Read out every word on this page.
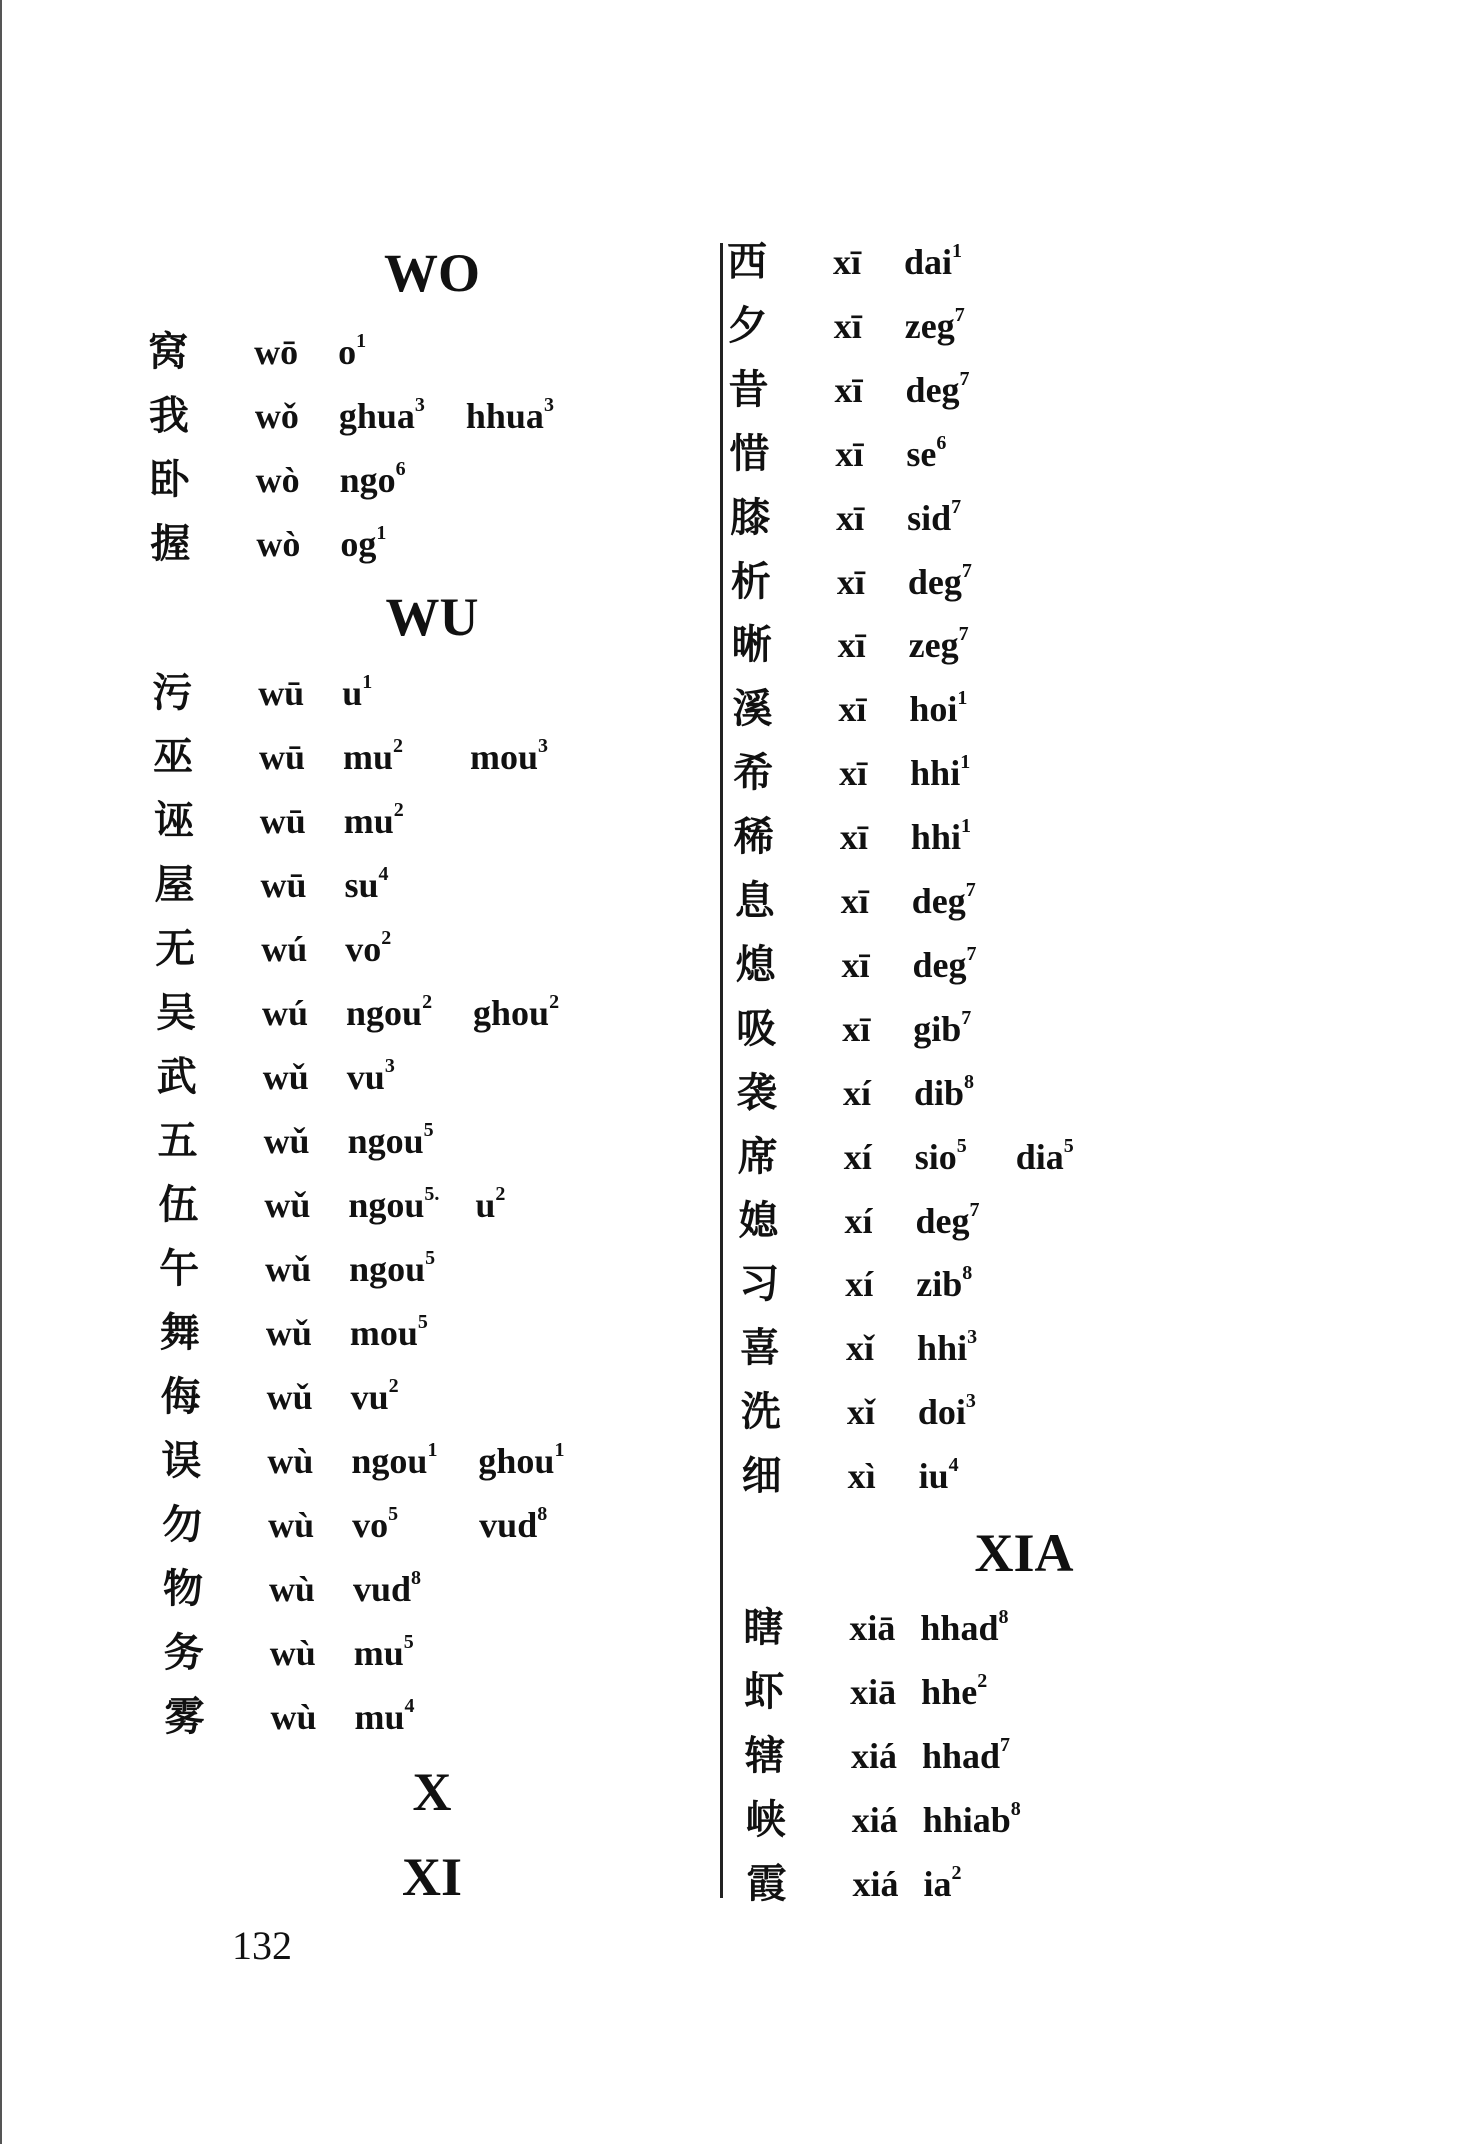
WO
窝 wō $o^1$
我 wǒ ghua$^3$ hhua$^3$
卧 wò ngo$^6$
握 wò $og^1$
WU
污 wū $u^1$
巫 wū $mu^2$ mou$^3$
诬 wū $mu^2$
屋 wū $su^4$
无 wú $vo^2$
吴 wú ngou$^2$ ghou$^2$
武 wǔ $vu^3$
五 wǔ ngou$^5$
伍 wǔ ngou$^{5.}$ $u^2$
午 wǔ ngou$^5$
舞 wǔ mou$^5$
侮 wǔ $vu^2$
误 wù ngou$^1$ ghou$^1$
勿 wù $vo^5$ vud$^8$
物 wù vud$^8$
务 wù $mu^5$
雾 wù $mu^4$
X
XI
西 xī dai$^1$
夕 xī zeg$^7$
昔 xī deg$^7$
惜 xī $se^6$
膝 xī sid$^7$
析 xī deg$^7$
晰 xī zeg$^7$
溪 xī hoi$^1$
希 xī hhi$^1$
稀 xī hhi$^1$
息 xī deg$^7$
熄 xī deg$^7$
吸 xī gib$^7$
袭 xí dib$^8$
席 xí sio$^5$ dia$^5$
媳 xí deg$^7$
习 xí zib$^8$
喜 xǐ hhi$^3$
洗 xǐ doi$^3$
细 xì $iu^4$
XIA
瞎 xiā hhad$^8$
虾 xiā hhe$^2$
辖 xiá hhad$^7$
峡 xiá hhiab$^8$
霞 xiá $ia^2$
132
